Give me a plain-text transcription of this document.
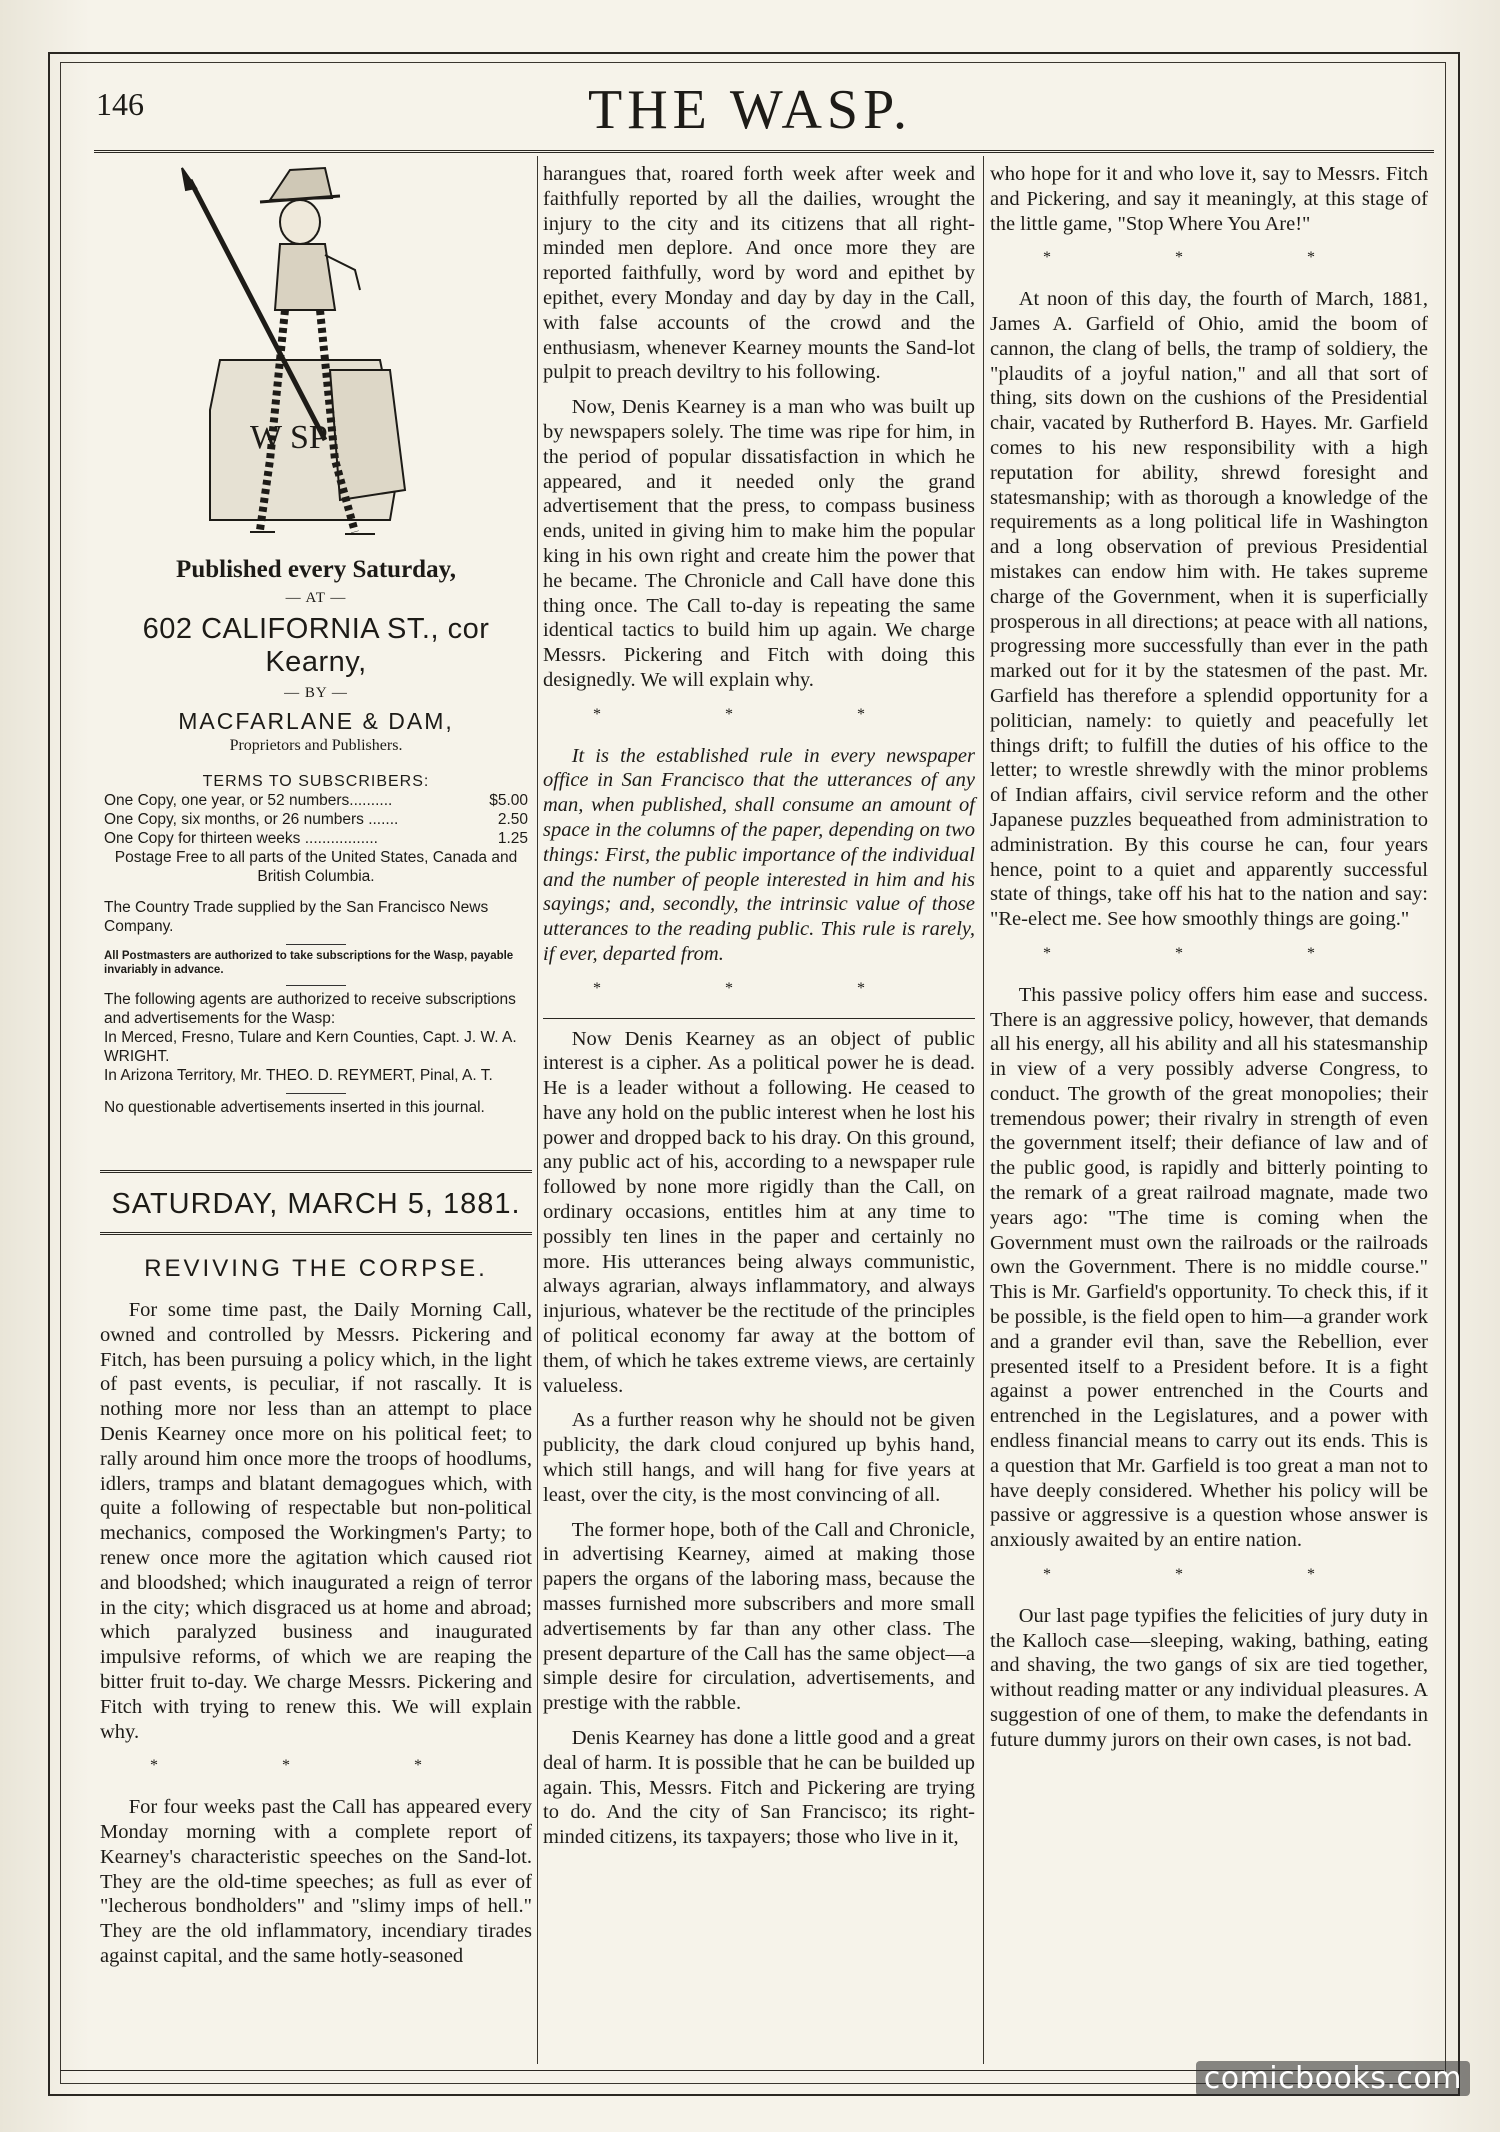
146	THE WASP.
W SP
Published every Saturday,
— AT —
602 CALIFORNIA ST., cor Kearny,
— BY —
MACFARLANE & DAM,
Proprietors and Publishers.
TERMS TO SUBSCRIBERS:
One Copy, one year, or 52 numbers..........	$5.00
One Copy, six months, or 26 numbers .......	2.50
One Copy for thirteen weeks .................	1.25
Postage Free to all parts of the United States, Canada and British Columbia.
The Country Trade supplied by the San Francisco News Company.
All Postmasters are authorized to take subscriptions for the Wasp, payable invariably in advance.
The following agents are authorized to receive subscriptions and advertisements for the Wasp:
In Merced, Fresno, Tulare and Kern Counties, Capt. J. W. A. WRIGHT.
In Arizona Territory, Mr. THEO. D. REYMERT, Pinal, A. T.
No questionable advertisements inserted in this journal.
SATURDAY, MARCH 5, 1881.
REVIVING THE CORPSE.

For some time past, the Daily Morning Call, owned and controlled by Messrs. Pickering and Fitch, has been pursuing a policy which, in the light of past events, is peculiar, if not rascally. It is nothing more nor less than an attempt to place Denis Kearney once more on his political feet; to rally around him once more the troops of hoodlums, idlers, tramps and blatant demagogues which, with quite a following of respectable but non-political mechanics, composed the Workingmen's Party; to renew once more the agitation which caused riot and bloodshed; which inaugurated a reign of terror in the city; which disgraced us at home and abroad; which paralyzed business and inaugurated impulsive reforms, of which we are reaping the bitter fruit to-day. We charge Messrs. Pickering and Fitch with trying to renew this. We will explain why.

* * *

For four weeks past the Call has appeared every Monday morning with a complete report of Kearney's characteristic speeches on the Sand-lot. They are the old-time speeches; as full as ever of "lecherous bondholders" and "slimy imps of hell." They are the old inflammatory, incendiary tirades against capital, and the same hotly-seasoned

harangues that, roared forth week after week and faithfully reported by all the dailies, wrought the injury to the city and its citizens that all right-minded men deplore. And once more they are reported faithfully, word by word and epithet by epithet, every Monday and day by day in the Call, with false accounts of the crowd and the enthusiasm, whenever Kearney mounts the Sand-lot pulpit to preach deviltry to his following.

Now, Denis Kearney is a man who was built up by newspapers solely. The time was ripe for him, in the period of popular dissatisfaction in which he appeared, and it needed only the grand advertisement that the press, to compass business ends, united in giving him to make him the popular king in his own right and create him the power that he became. The Chronicle and Call have done this thing once. The Call to-day is repeating the same identical tactics to build him up again. We charge Messrs. Pickering and Fitch with doing this designedly. We will explain why.

* * *

It is the established rule in every newspaper office in San Francisco that the utterances of any man, when published, shall consume an amount of space in the columns of the paper, depending on two things: First, the public importance of the individual and the number of people interested in him and his sayings; and, secondly, the intrinsic value of those utterances to the reading public. This rule is rarely, if ever, departed from.

* * *

Now Denis Kearney as an object of public interest is a cipher. As a political power he is dead. He is a leader without a following. He ceased to have any hold on the public interest when he lost his power and dropped back to his dray. On this ground, any public act of his, according to a newspaper rule followed by none more rigidly than the Call, on ordinary occasions, entitles him at any time to possibly ten lines in the paper and certainly no more. His utterances being always communistic, always agrarian, always inflammatory, and always injurious, whatever be the rectitude of the principles of political economy far away at the bottom of them, of which he takes extreme views, are certainly valueless.

As a further reason why he should not be given publicity, the dark cloud conjured up byhis hand, which still hangs, and will hang for five years at least, over the city, is the most convincing of all.

The former hope, both of the Call and Chronicle, in advertising Kearney, aimed at making those papers the organs of the laboring mass, because the masses furnished more subscribers and more small advertisements by far than any other class. The present departure of the Call has the same object—a simple desire for circulation, advertisements, and prestige with the rabble.

Denis Kearney has done a little good and a great deal of harm. It is possible that he can be builded up again. This, Messrs. Fitch and Pickering are trying to do. And the city of San Francisco; its right-minded citizens, its taxpayers; those who live in it,

who hope for it and who love it, say to Messrs. Fitch and Pickering, and say it meaningly, at this stage of the little game, "Stop Where You Are!"

* * *

At noon of this day, the fourth of March, 1881, James A. Garfield of Ohio, amid the boom of cannon, the clang of bells, the tramp of soldiery, the "plaudits of a joyful nation," and all that sort of thing, sits down on the cushions of the Presidential chair, vacated by Rutherford B. Hayes. Mr. Garfield comes to his new responsibility with a high reputation for ability, shrewd foresight and statesmanship; with as thorough a knowledge of the requirements as a long political life in Washington and a long observation of previous Presidential mistakes can endow him with. He takes supreme charge of the Government, when it is superficially prosperous in all directions; at peace with all nations, progressing more successfully than ever in the path marked out for it by the statesmen of the past. Mr. Garfield has therefore a splendid opportunity for a politician, namely: to quietly and peacefully let things drift; to fulfill the duties of his office to the letter; to wrestle shrewdly with the minor problems of Indian affairs, civil service reform and the other Japanese puzzles bequeathed from administration to administration. By this course he can, four years hence, point to a quiet and apparently successful state of things, take off his hat to the nation and say: "Re-elect me. See how smoothly things are going."

* * *

This passive policy offers him ease and success. There is an aggressive policy, however, that demands all his energy, all his ability and all his statesmanship in view of a very possibly adverse Congress, to conduct. The growth of the great monopolies; their tremendous power; their rivalry in strength of even the government itself; their defiance of law and of the public good, is rapidly and bitterly pointing to the remark of a great railroad magnate, made two years ago: "The time is coming when the Government must own the railroads or the railroads own the Government. There is no middle course." This is Mr. Garfield's opportunity. To check this, if it be possible, is the field open to him—a grander work and a grander evil than, save the Rebellion, ever presented itself to a President before. It is a fight against a power entrenched in the Courts and entrenched in the Legislatures, and a power with endless financial means to carry out its ends. This is a question that Mr. Garfield is too great a man not to have deeply considered. Whether his policy will be passive or aggressive is a question whose answer is anxiously awaited by an entire nation.

* * *

Our last page typifies the felicities of jury duty in the Kalloch case—sleeping, waking, bathing, eating and shaving, the two gangs of six are tied together, without reading matter or any individual pleasures. A suggestion of one of them, to make the defendants in future dummy jurors on their own cases, is not bad.

comicbooks.com
